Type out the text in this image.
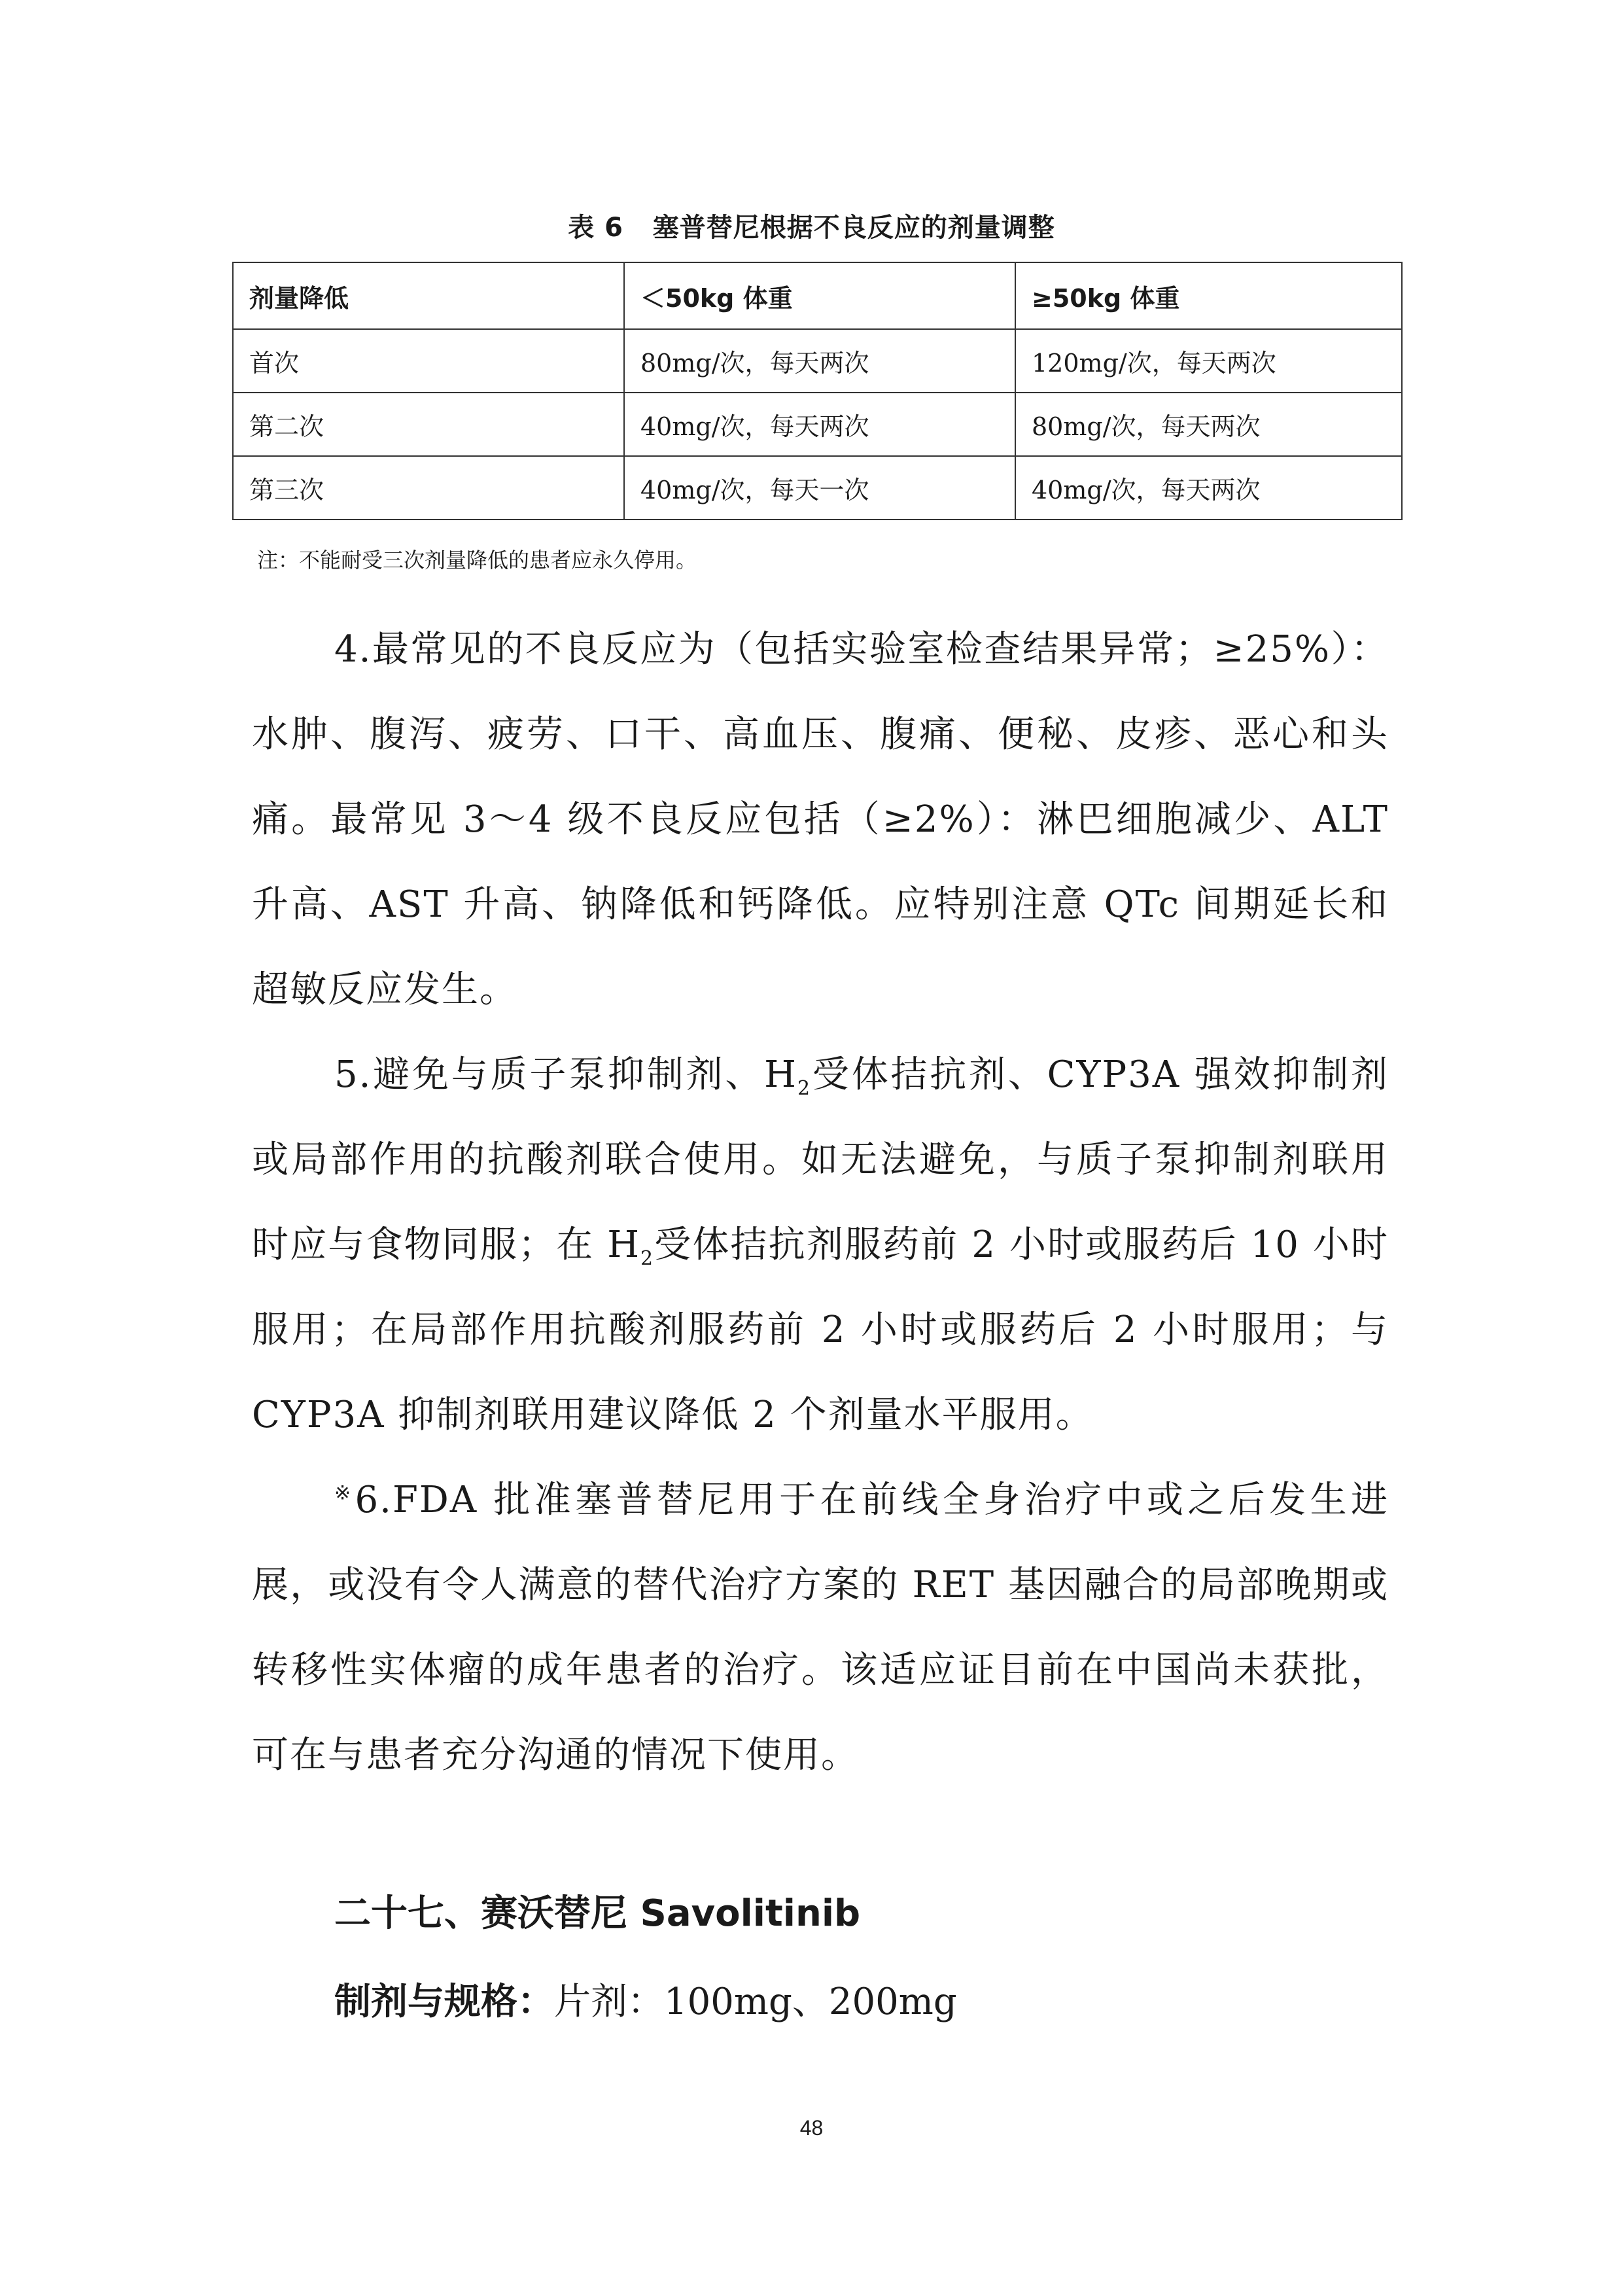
表 6   塞普替尼根据不良反应的剂量调整
剂量降低	＜50kg 体重	≥50kg 体重
首次	80mg/次，每天两次	120mg/次，每天两次
第二次	40mg/次，每天两次	80mg/次，每天两次
第三次	40mg/次，每天一次	40mg/次，每天两次
注：不能耐受三次剂量降低的患者应永久停用。

4.最常见的不良反应为（包括实验室检查结果异常；≥25%）：水肿、腹泻、疲劳、口干、高血压、腹痛、便秘、皮疹、恶心和头痛。最常见 3～4 级不良反应包括（≥2%）：淋巴细胞减少、ALT 升高、AST 升高、钠降低和钙降低。应特别注意 QTc 间期延长和超敏反应发生。

5.避免与质子泵抑制剂、$H_2$受体拮抗剂、CYP3A 强效抑制剂或局部作用的抗酸剂联合使用。如无法避免，与质子泵抑制剂联用时应与食物同服；在 $H_2$受体拮抗剂服药前 2 小时或服药后 10 小时服用；在局部作用抗酸剂服药前 2 小时或服药后 2 小时服用；与 CYP3A 抑制剂联用建议降低 2 个剂量水平服用。

※6.FDA 批准塞普替尼用于在前线全身治疗中或之后发生进展，或没有令人满意的替代治疗方案的 RET 基因融合的局部晚期或转移性实体瘤的成年患者的治疗。该适应证目前在中国尚未获批，可在与患者充分沟通的情况下使用。

二十七、赛沃替尼 Savolitinib
制剂与规格：片剂：100mg、200mg
48
